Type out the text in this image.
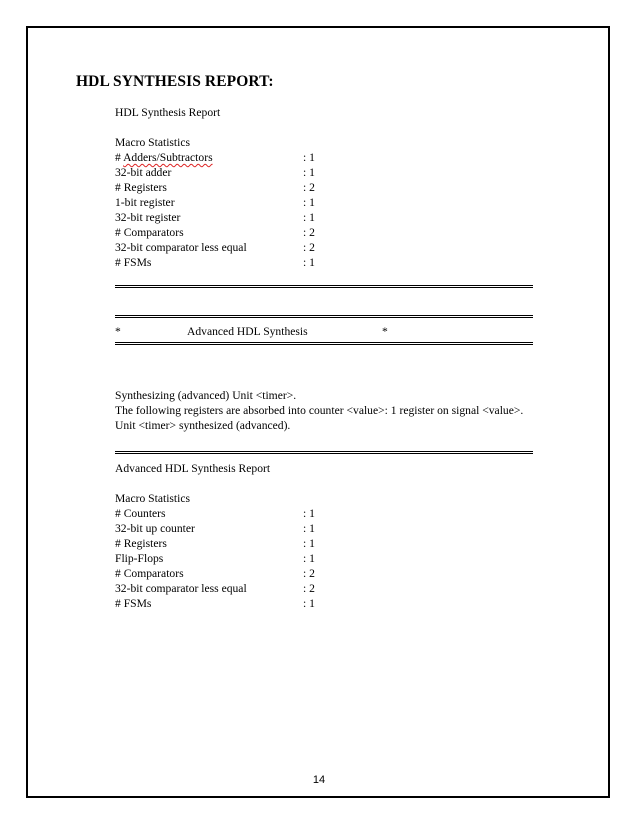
HDL SYNTHESIS REPORT:
HDL Synthesis Report
Macro Statistics
# Adders/Subtractors	: 1
32-bit adder	: 1
# Registers	: 2
1-bit register	: 1
32-bit register	: 1
# Comparators	: 2
32-bit comparator less equal	: 2
# FSMs	: 1
*	Advanced HDL Synthesis	*
Synthesizing (advanced) Unit <timer>.
The following registers are absorbed into counter <value>: 1 register on signal <value>.
Unit <timer> synthesized (advanced).
Advanced HDL Synthesis Report
Macro Statistics
# Counters	: 1
32-bit up counter	: 1
# Registers	: 1
Flip-Flops	: 1
# Comparators	: 2
32-bit comparator less equal	: 2
# FSMs	: 1
14
